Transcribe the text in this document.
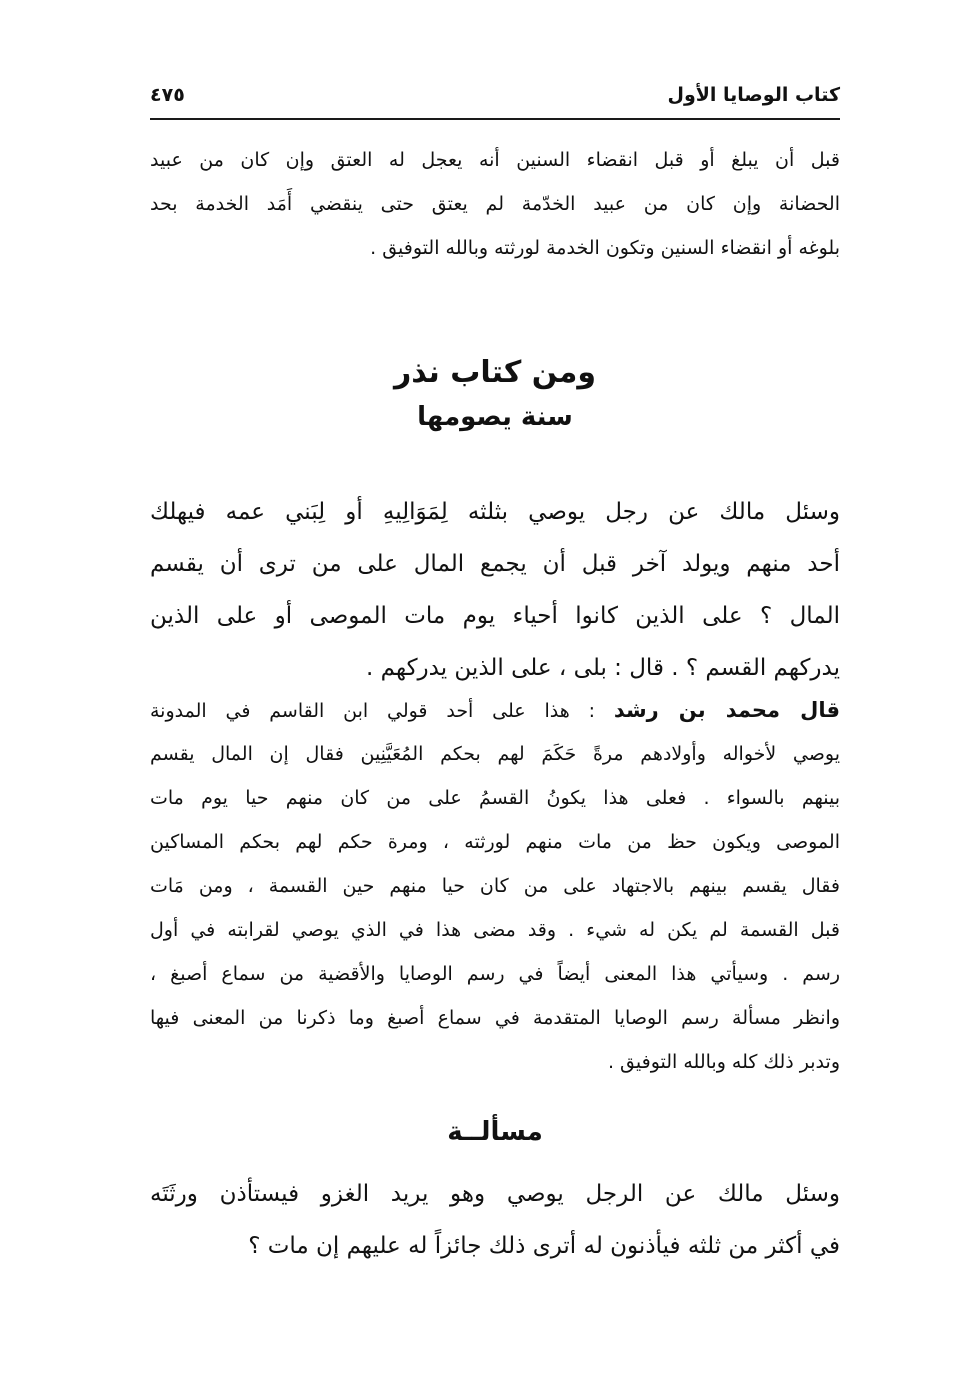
كتاب الوصايا الأول
٤٧٥
قبل أن يبلغ أو قبل انقضاء السنين أنه يعجل له العتق وإن كان من عبيد
الحضانة وإن كان من عبيد الخدّمة لم يعتق حتى ينقضي أَمَد الخدمة بحد
بلوغه أو انقضاء السنين وتكون الخدمة لورثته وبالله التوفيق .
ومن كتاب نذر
سنة يصومها
وسئل مالك عن رجل يوصي بثلثه لِمَوَالِيهِ أو لِبَني عمه فيهلك
أحد منهم ويولد آخر قبل أن يجمع المال على من ترى أن يقسم
المال ؟ على الذين كانوا أحياء يوم مات الموصى أو على الذين
يدركهم القسم ؟ . قال : بلى ، على الذين يدركهم .
قال محمد بن رشد : هذا على أحد قولي ابن القاسم في المدونة
يوصي لأخواله وأولادهم مرةً حَكَمَ لهم بحكم المُعَيَّنِين فقال إن المال يقسم
بينهم بالسواء . فعلى هذا يكونُ القسمُ على من كان منهم حيا يوم مات
الموصى ويكون حظ من مات منهم لورثته ، ومرة حكم لهم بحكم المساكين
فقال يقسم بينهم بالاجتهاد على من كان حيا منهم حين القسمة ، ومن مَات
قبل القسمة لم يكن له شيء . وقد مضى هذا في الذي يوصي لقرابته في أول
رسم . وسيأتي هذا المعنى أيضاً في رسم الوصايا والأقضية من سماع أصبغ ،
وانظر مسألة رسم الوصايا المتقدمة في سماع أصبغ وما ذكرنا من المعنى فيها
وتدبر ذلك كله وبالله التوفيق .
مسألــة
وسئل مالك عن الرجل يوصي وهو يريد الغزو فيستأذن ورثَتَه
في أكثر من ثلثه فيأذنون له أترى ذلك جائزاً له عليهم إن مات ؟
